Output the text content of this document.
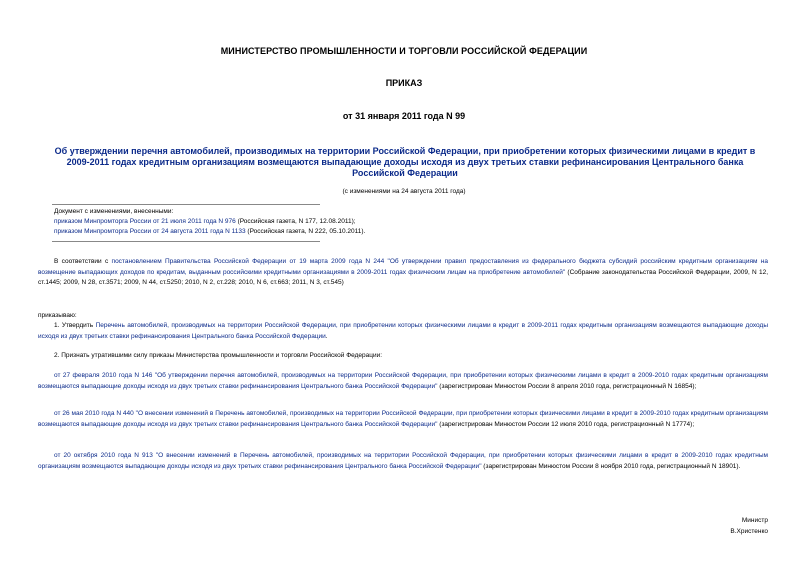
МИНИСТЕРСТВО ПРОМЫШЛЕННОСТИ И ТОРГОВЛИ РОССИЙСКОЙ ФЕДЕРАЦИИ
ПРИКАЗ
от 31 января 2011 года N 99
Об утверждении перечня автомобилей, производимых на территории Российской Федерации, при приобретении которых физическими лицами в кредит в 2009-2011 годах кредитным организациям возмещаются выпадающие доходы исходя из двух третьих ставки рефинансирования Центрального банка Российской Федерации
(с изменениями на 24 августа 2011 года)
Документ с изменениями, внесенными:
приказом Минпромторга России от 21 июля 2011 года N 976 (Российская газета, N 177, 12.08.2011);
приказом Минпромторга России от 24 августа 2011 года N 1133 (Российская газета, N 222, 05.10.2011).
В соответствии с постановлением Правительства Российской Федерации от 19 марта 2009 года N 244 "Об утверждении правил предоставления из федерального бюджета субсидий российским кредитным организациям на возмещение выпадающих доходов по кредитам, выданным российскими кредитными организациями в 2009-2011 годах физическим лицам на приобретение автомобилей" (Собрание законодательства Российской Федерации, 2009, N 12, ст.1445; 2009, N 28, ст.3571; 2009, N 44, ст.5250; 2010, N 2, ст.228; 2010, N 6, ст.663; 2011, N 3, ст.545)
приказываю:
1. Утвердить Перечень автомобилей, производимых на территории Российской Федерации, при приобретении которых физическими лицами в кредит в 2009-2011 годах кредитным организациям возмещаются выпадающие доходы исходя из двух третьих ставки рефинансирования Центрального банка Российской Федерации.
2. Признать утратившими силу приказы Министерства промышленности и торговли Российской Федерации:
от 27 февраля 2010 года N 146 "Об утверждении перечня автомобилей, производимых на территории Российской Федерации, при приобретении которых физическими лицами в кредит в 2009-2010 годах кредитным организациям возмещаются выпадающие доходы исходя из двух третьих ставки рефинансирования Центрального банка Российской Федерации" (зарегистрирован Минюстом России 8 апреля 2010 года, регистрационный N 16854);
от 26 мая 2010 года N 440 "О внесении изменений в Перечень автомобилей, производимых на территории Российской Федерации, при приобретении которых физическими лицами в кредит в 2009-2010 годах кредитным организациям возмещаются выпадающие доходы исходя из двух третьих ставки рефинансирования Центрального банка Российской Федерации" (зарегистрирован Минюстом России 12 июля 2010 года, регистрационный N 17774);
от 20 октября 2010 года N 913 "О внесении изменений в Перечень автомобилей, производимых на территории Российской Федерации, при приобретении которых физическими лицами в кредит в 2009-2010 годах кредитным организациям возмещаются выпадающие доходы исходя из двух третьих ставки рефинансирования Центрального банка Российской Федерации" (зарегистрирован Минюстом России 8 ноября 2010 года, регистрационный N 18901).
Министр
В.Христенко
